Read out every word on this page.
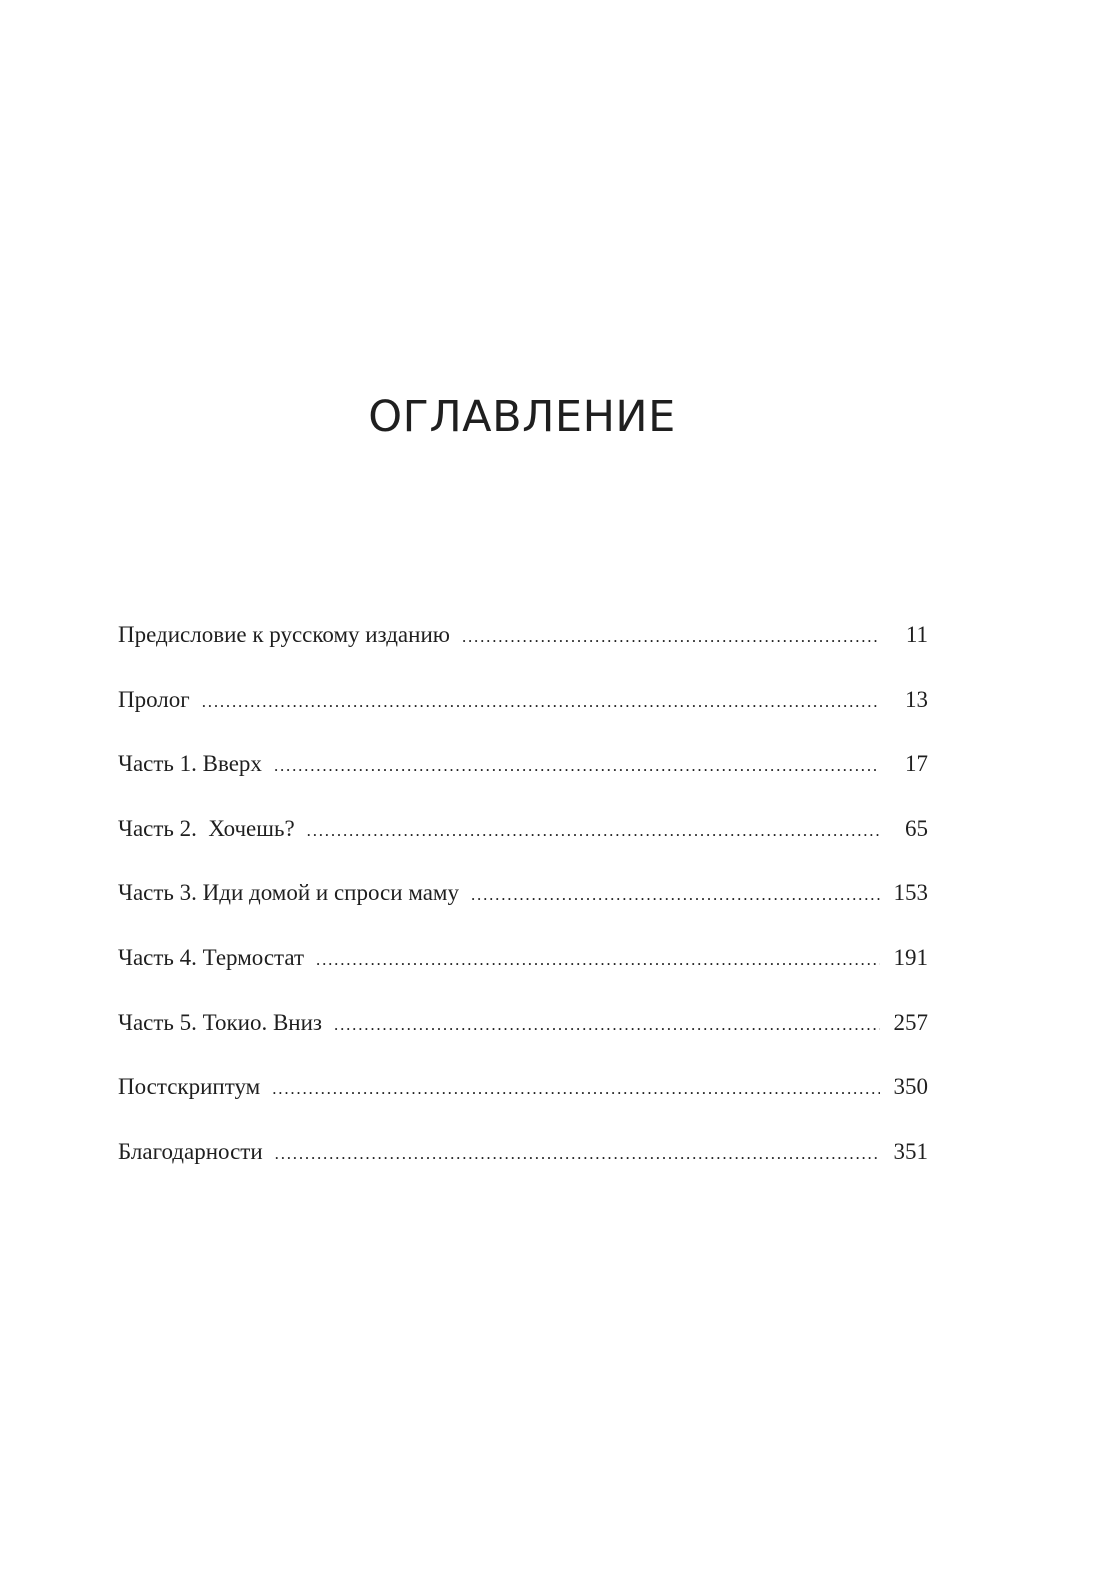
ОГЛАВЛЕНИЕ
Предисловие к русскому изданию .....	11
Пролог .....	13
Часть 1. Вверх .....	17
Часть 2.  Хочешь? .....	65
Часть 3. Иди домой и спроси маму .....	153
Часть 4. Термостат .....	191
Часть 5. Токио. Вниз .....	257
Постскриптум .....	350
Благодарности .....	351
